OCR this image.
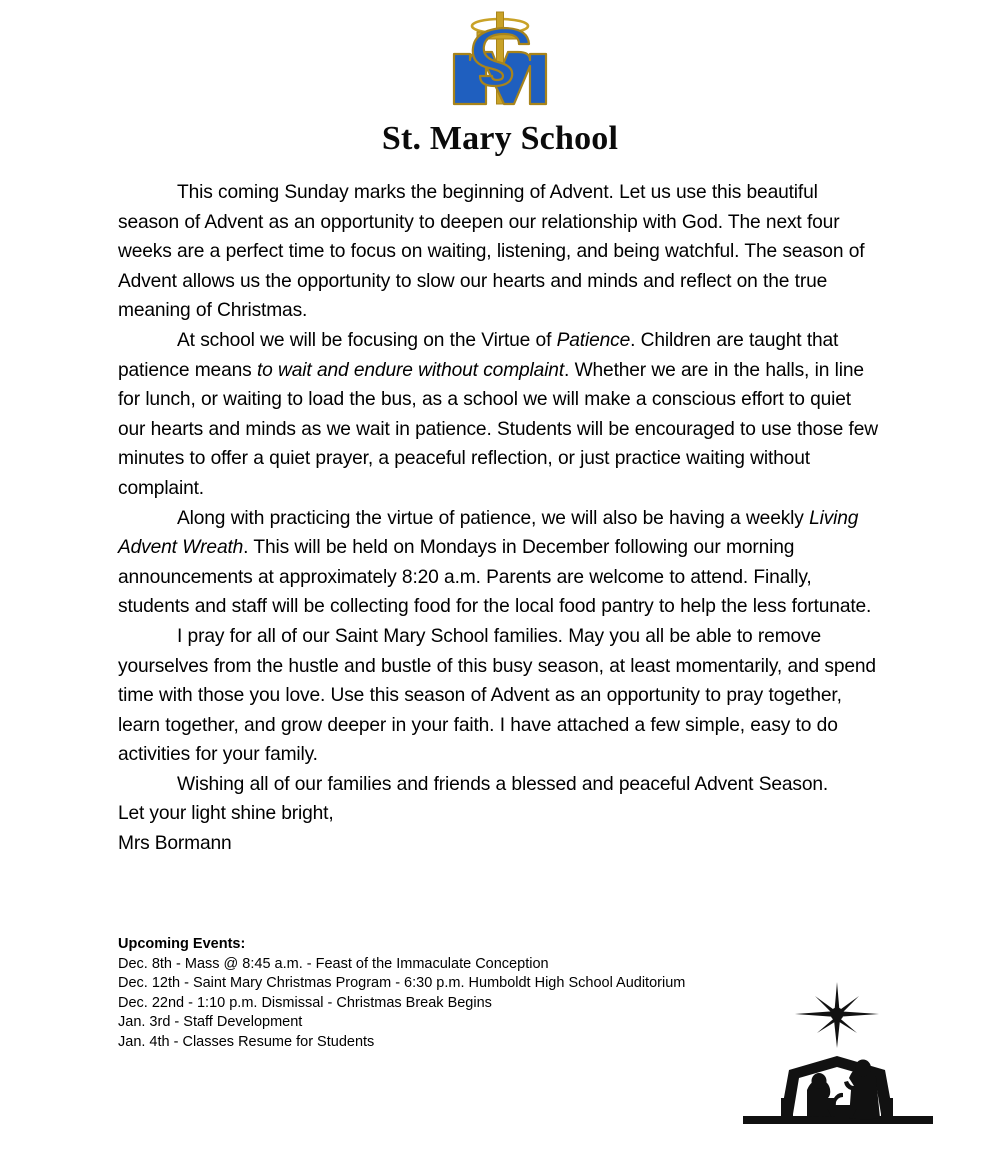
St. Mary School

This coming Sunday marks the beginning of Advent. Let us use this beautiful season of Advent as an opportunity to deepen our relationship with God. The next four weeks are a perfect time to focus on waiting, listening, and being watchful. The season of Advent allows us the opportunity to slow our hearts and minds and reflect on the true meaning of Christmas.

At school we will be focusing on the Virtue of Patience. Children are taught that patience means to wait and endure without complaint. Whether we are in the halls, in line for lunch, or waiting to load the bus, as a school we will make a conscious effort to quiet our hearts and minds as we wait in patience. Students will be encouraged to use those few minutes to offer a quiet prayer, a peaceful reflection, or just practice waiting without complaint.

Along with practicing the virtue of patience, we will also be having a weekly Living Advent Wreath. This will be held on Mondays in December following our morning announcements at approximately 8:20 a.m. Parents are welcome to attend. Finally, students and staff will be collecting food for the local food pantry to help the less fortunate.

I pray for all of our Saint Mary School families. May you all be able to remove yourselves from the hustle and bustle of this busy season, at least momentarily, and spend time with those you love. Use this season of Advent as an opportunity to pray together, learn together, and grow deeper in your faith. I have attached a few simple, easy to do activities for your family.

Wishing all of our families and friends a blessed and peaceful Advent Season.

Let your light shine bright,

Mrs Bormann

Upcoming Events:

Dec. 8th - Mass @ 8:45 a.m. - Feast of the Immaculate Conception

Dec. 12th - Saint Mary Christmas Program - 6:30 p.m. Humboldt High School Auditorium

Dec. 22nd - 1:10 p.m. Dismissal - Christmas Break Begins

Jan. 3rd - Staff Development

Jan. 4th - Classes Resume for Students
